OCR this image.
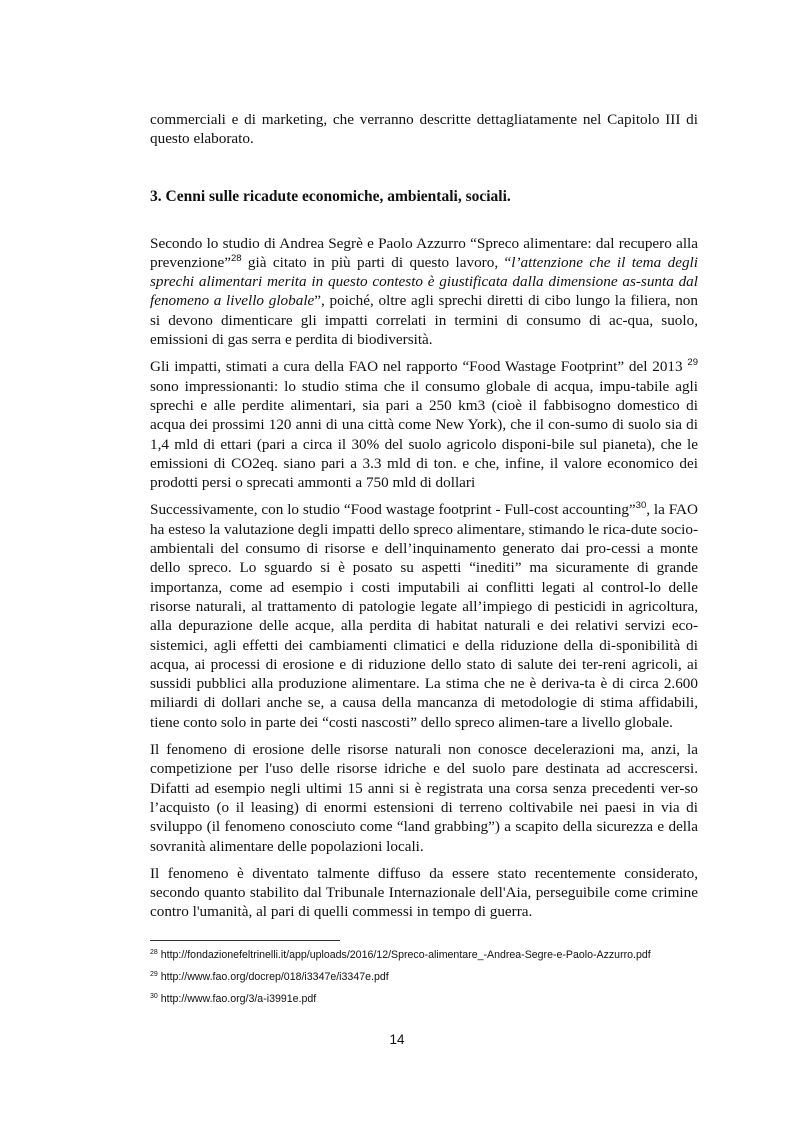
commerciali e di marketing, che verranno descritte dettagliatamente nel Capitolo III di questo elaborato.

3. Cenni sulle ricadute economiche, ambientali, sociali.

Secondo lo studio di Andrea Segrè e Paolo Azzurro “Spreco alimentare: dal recupero alla prevenzione”$^{28}$ già citato in più parti di questo lavoro, “l’attenzione che il tema degli sprechi alimentari merita in questo contesto è giustificata dalla dimensione as-sunta dal fenomeno a livello globale”, poiché, oltre agli sprechi diretti di cibo lungo la filiera, non si devono dimenticare gli impatti correlati in termini di consumo di ac-qua, suolo, emissioni di gas serra e perdita di biodiversità.

Gli impatti, stimati a cura della FAO nel rapporto “Food Wastage Footprint” del 2013 $^{29}$ sono impressionanti: lo studio stima che il consumo globale di acqua, impu-tabile agli sprechi e alle perdite alimentari, sia pari a 250 km3 (cioè il fabbisogno domestico di acqua dei prossimi 120 anni di una città come New York), che il con-sumo di suolo sia di 1,4 mld di ettari (pari a circa il 30% del suolo agricolo disponi-bile sul pianeta), che le emissioni di CO2eq. siano pari a 3.3 mld di ton. e che, infine, il valore economico dei prodotti persi o sprecati ammonti a 750 mld di dollari

Successivamente, con lo studio “Food wastage footprint - Full-cost accounting”$^{30}$, la FAO ha esteso la valutazione degli impatti dello spreco alimentare, stimando le rica-dute socio-ambientali del consumo di risorse e dell’inquinamento generato dai pro-cessi a monte dello spreco. Lo sguardo si è posato su aspetti “inediti” ma sicuramente di grande importanza, come ad esempio i costi imputabili ai conflitti legati al control-lo delle risorse naturali, al trattamento di patologie legate all’impiego di pesticidi in agricoltura, alla depurazione delle acque, alla perdita di habitat naturali e dei relativi servizi eco-sistemici, agli effetti dei cambiamenti climatici e della riduzione della di-sponibilità di acqua, ai processi di erosione e di riduzione dello stato di salute dei ter-reni agricoli, ai sussidi pubblici alla produzione alimentare. La stima che ne è deriva-ta è di circa 2.600 miliardi di dollari anche se, a causa della mancanza di metodologie di stima affidabili, tiene conto solo in parte dei “costi nascosti” dello spreco alimen-tare a livello globale.

Il fenomeno di erosione delle risorse naturali non conosce decelerazioni ma, anzi, la competizione per l'uso delle risorse idriche e del suolo pare destinata ad accrescersi. Difatti ad esempio negli ultimi 15 anni si è registrata una corsa senza precedenti ver-so l’acquisto (o il leasing) di enormi estensioni di terreno coltivabile nei paesi in via di sviluppo (il fenomeno conosciuto come “land grabbing”) a scapito della sicurezza e della sovranità alimentare delle popolazioni locali.

Il fenomeno è diventato talmente diffuso da essere stato recentemente considerato, secondo quanto stabilito dal Tribunale Internazionale dell'Aia, perseguibile come crimine contro l'umanità, al pari di quelli commessi in tempo di guerra.

$^{28}$ http://fondazionefeltrinelli.it/app/uploads/2016/12/Spreco-alimentare_-Andrea-Segre-e-Paolo-Azzurro.pdf

$^{29}$ http://www.fao.org/docrep/018/i3347e/i3347e.pdf

$^{30}$ http://www.fao.org/3/a-i3991e.pdf

14
